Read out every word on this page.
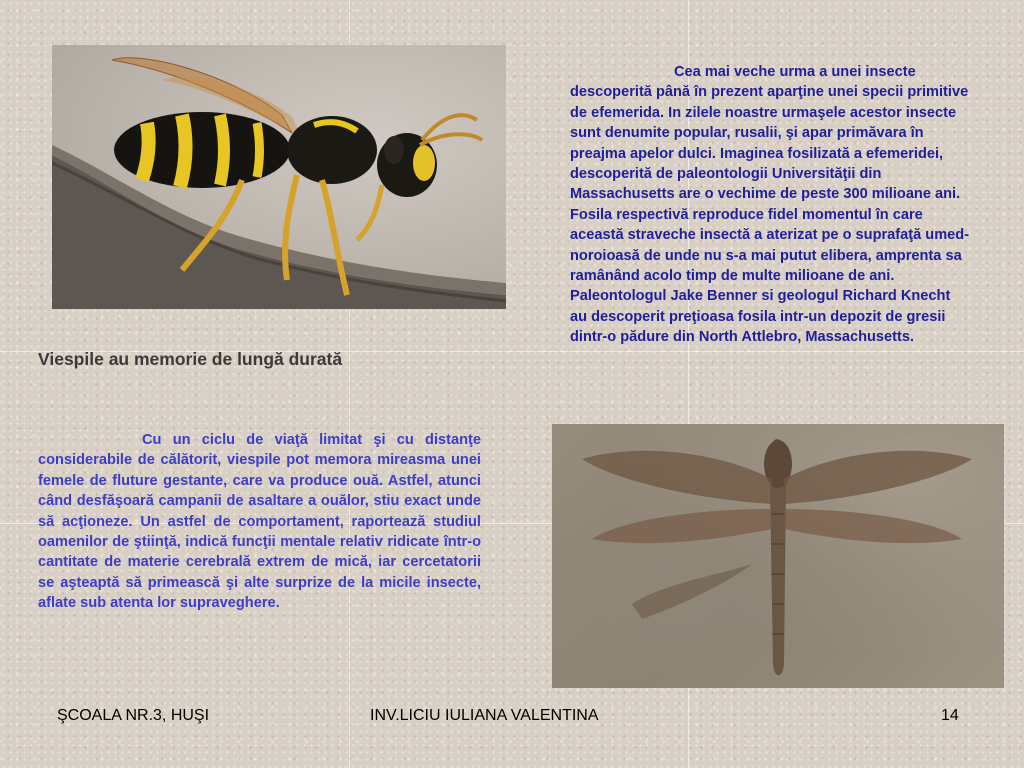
Viespile au memorie de lungă durată
Cu un ciclu de viaţă limitat şi cu distanţe considerabile de călătorit, viespile pot memora mireasma unei femele de fluture gestante, care va produce ouă. Astfel, atunci când desfăşoară campanii de asaltare a ouălor, stiu exact unde să acţioneze. Un astfel de comportament, raportează studiul oamenilor de ştiinţă, indică funcţii mentale relativ ridicate într-o cantitate de materie cerebrală extrem de mică, iar cercetatorii se aşteaptă să primească şi alte surprize de la micile insecte, aflate sub atenta lor supraveghere.
Cea mai veche urma a unei insecte descoperită până în prezent aparţine unei specii primitive de efemerida. In zilele noastre urmaşele acestor insecte sunt denumite popular, rusalii, şi apar primăvara în preajma apelor dulci. Imaginea fosilizată a efemeridei, descoperită de paleontologii Universităţii din Massachusetts are o vechime de peste 300 milioane ani. Fosila respectivă reproduce fidel momentul în care această straveche insectă a aterizat pe o suprafaţă umed-noroioasă de unde nu s-a mai putut elibera, amprenta sa ramânând acolo timp de multe milioane de ani. Paleontologul Jake Benner si geologul Richard Knecht au descoperit preţioasa fosila intr-un depozit de gresii dintr-o pădure din North Attlebro, Massachusetts.
ŞCOALA NR.3, HUŞI	INV.LICIU IULIANA VALENTINA	14
